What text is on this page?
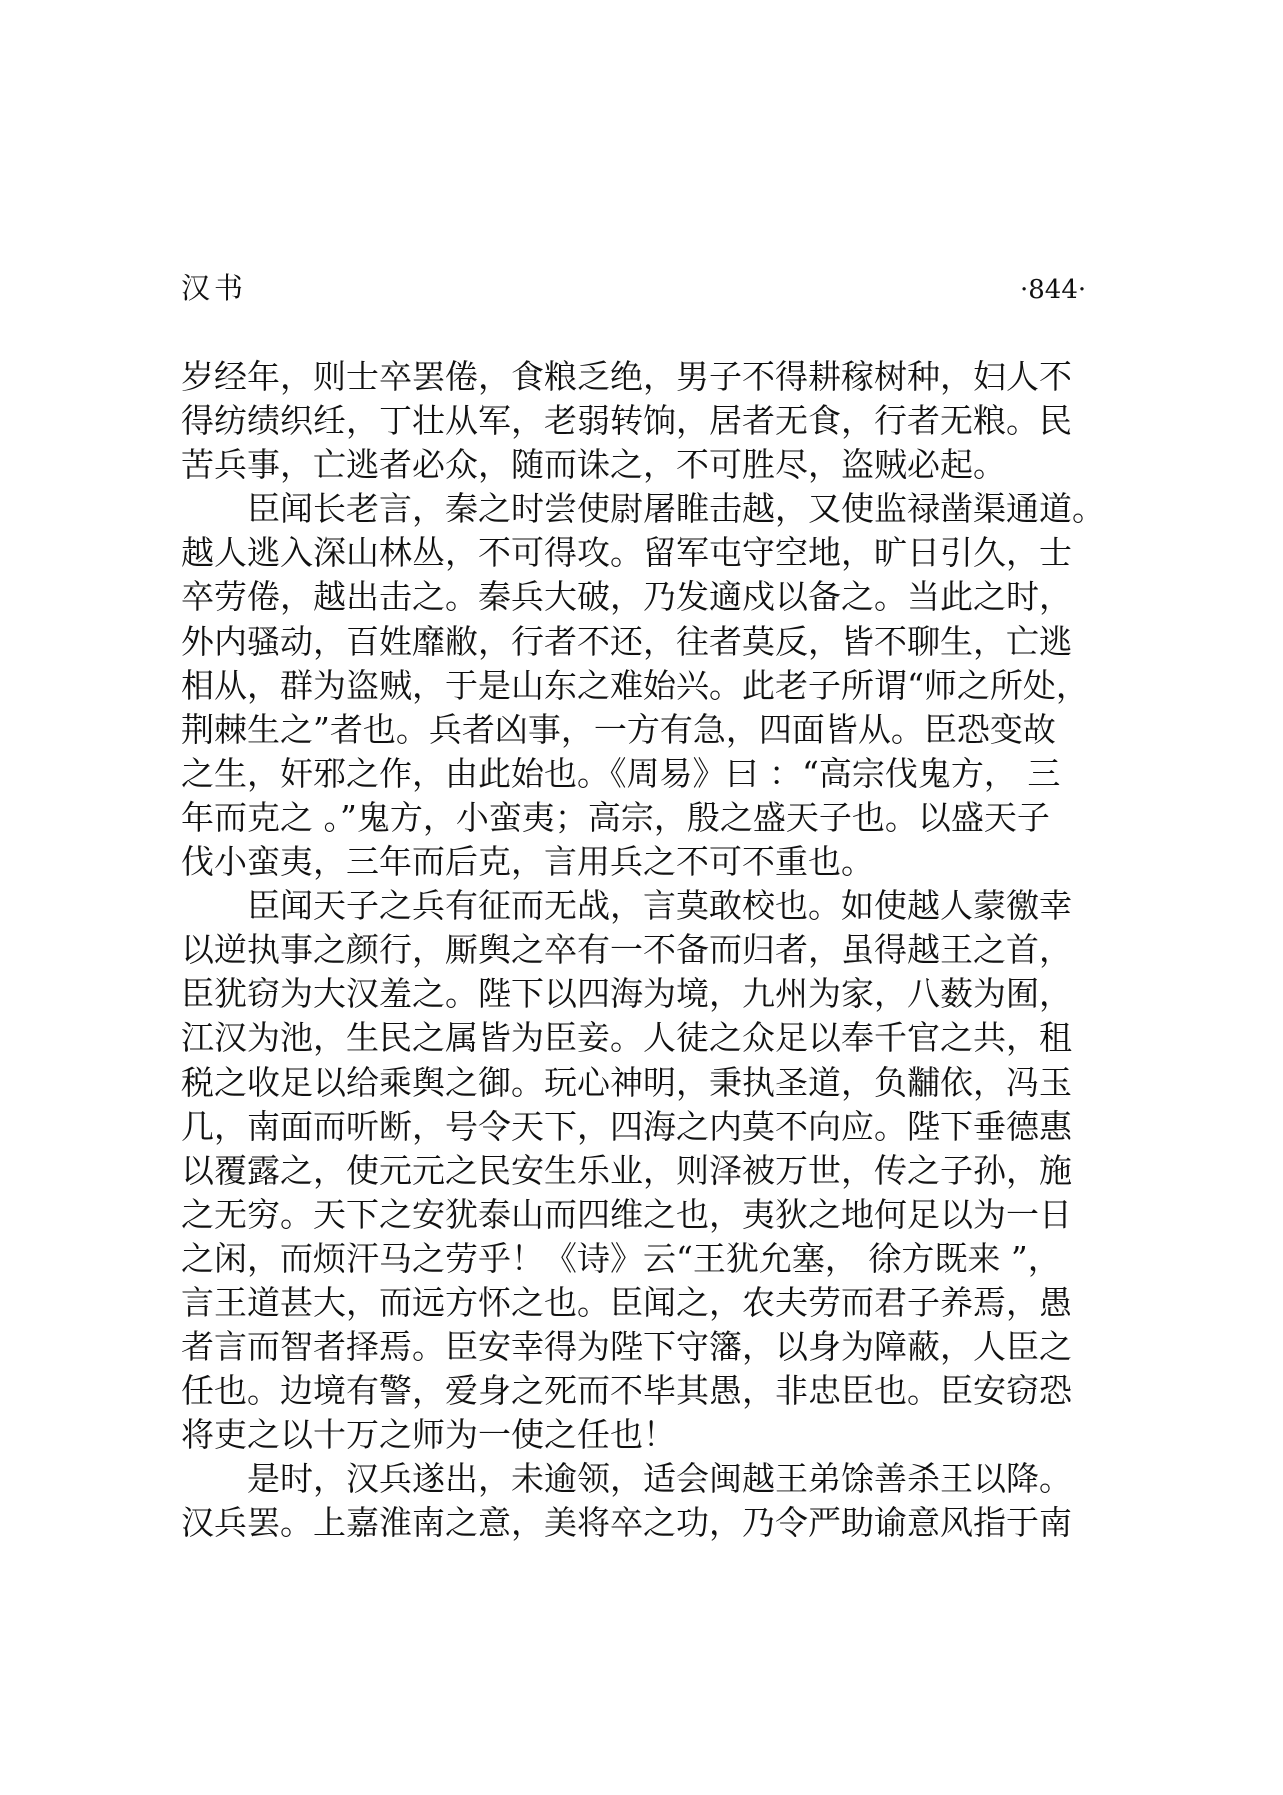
汉书	·844·
岁经年，则士卒罢倦，食粮乏绝，男子不得耕稼树种，妇人不
得纺绩织纴，丁壮从军，老弱转饷，居者无食，行者无粮。民
苦兵事，亡逃者必众，随而诛之，不可胜尽，盗贼必起。
臣闻长老言，秦之时尝使尉屠睢击越，又使监禄凿渠通道。
越人逃入深山林丛，不可得攻。留军屯守空地，旷日引久，士
卒劳倦，越出击之。秦兵大破，乃发適戍以备之。当此之时，
外内骚动，百姓靡敝，行者不还，往者莫反，皆不聊生，亡逃
相从，群为盗贼，于是山东之难始兴。此老子所谓“师之所处，
荆棘生之”者也。兵者凶事，一方有急，四面皆从。臣恐变故
之生，奸邪之作，由此始也。《周易》曰 ：“高宗伐鬼方， 三
年而克之 。”鬼方，小蛮夷；高宗，殷之盛天子也。以盛天子
伐小蛮夷，三年而后克，言用兵之不可不重也。
臣闻天子之兵有征而无战，言莫敢校也。如使越人蒙徼幸
以逆执事之颜行，厮舆之卒有一不备而归者，虽得越王之首，
臣犹窃为大汉羞之。陛下以四海为境，九州为家，八薮为囿，
江汉为池，生民之属皆为臣妾。人徒之众足以奉千官之共，租
税之收足以给乘舆之御。玩心神明，秉执圣道，负黼依，冯玉
几，南面而听断，号令天下，四海之内莫不向应。陛下垂德惠
以覆露之，使元元之民安生乐业，则泽被万世，传之子孙，施
之无穷。天下之安犹泰山而四维之也，夷狄之地何足以为一日
之闲，而烦汗马之劳乎！《诗》云“王犹允塞， 徐方既来 ”，
言王道甚大，而远方怀之也。臣闻之，农夫劳而君子养焉，愚
者言而智者择焉。臣安幸得为陛下守籓，以身为障蔽，人臣之
任也。边境有警，爱身之死而不毕其愚，非忠臣也。臣安窃恐
将吏之以十万之师为一使之任也！
是时，汉兵遂出，未逾领，适会闽越王弟馀善杀王以降。
汉兵罢。上嘉淮南之意，美将卒之功，乃令严助谕意风指于南
